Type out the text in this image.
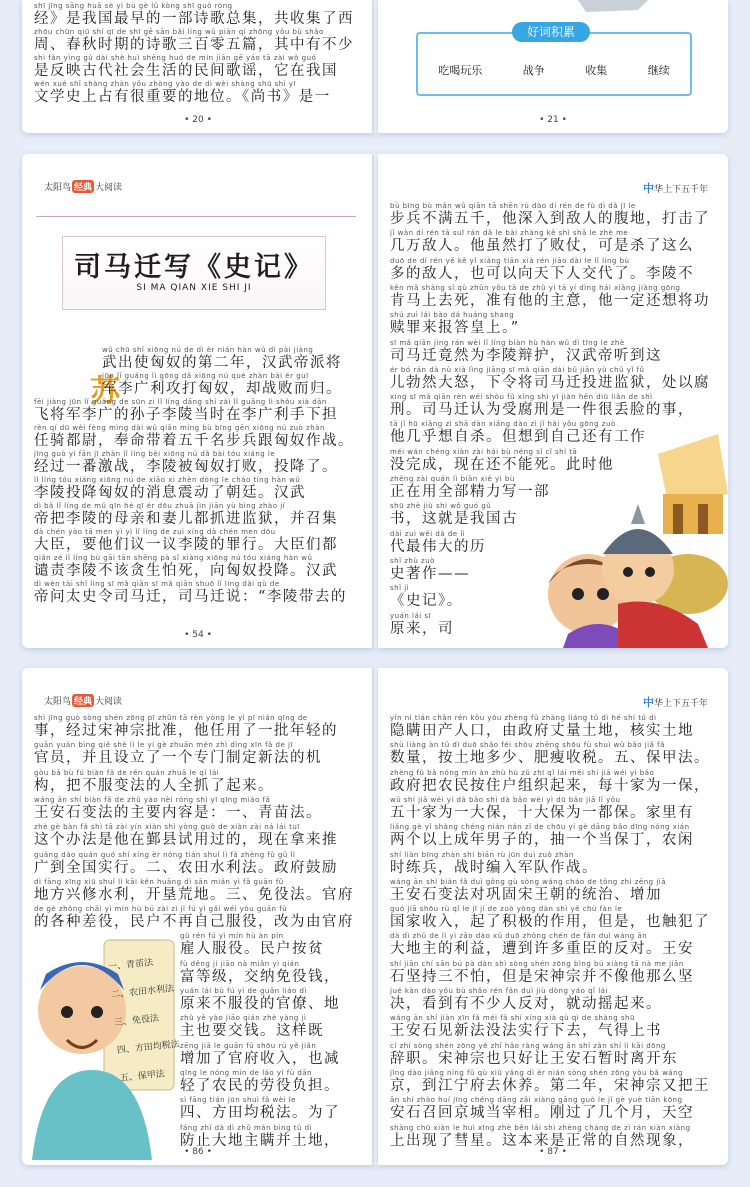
shī jīng sāng huā sè yì bù gè lǔ kòng shī guò ròng
经》是我国最早的一部诗歌总集，共收集了西
zhōu chūn qiū shí qī de shī gē sān bǎi líng wǔ piān qí zhōng yǒu bù shǎo
周、春秋时期的诗歌三百零五篇，其中有不少
shì fǎn yìng gǔ dài shè huì shēng huó de mín jiān gē yáo tā zài wǒ guó
是反映古代社会生活的民间歌谣，它在我国
wén xué shǐ shàng zhàn yǒu zhòng yào de dì wèi shàng shū shì yī
文学史上占有很重要的地位。《尚书》是一
• 20 •
好词积累
吃喝玩乐	战争	收集	继续
• 21 •
太阳鸟 经典 大阅读
司马迁写《史记》
SI MA QIAN XIE SHI JI
苏
wǔ chū shǐ xiōng nú de dì èr nián hàn wǔ dì pài jiàng
武出使匈奴的第二年，汉武帝派将
jūn lǐ guǎng lì gōng dǎ xiōng nú què zhàn bài ér guī
军李广利攻打匈奴，却战败而归。
fēi jiàng jūn lǐ guǎng de sūn zi lǐ líng dāng shí zài lǐ guǎng lì shǒu xià dān
飞将军李广的孙子李陵当时在李广利手下担
rèn qí dū wèi fèng mìng dài wǔ qiān míng bù bīng gēn xiōng nú zuò zhàn
任骑都尉，奉命带着五千名步兵跟匈奴作战。
jīng guò yì fān jī zhàn lǐ líng bèi xiōng nú dǎ bài tóu xiáng le
经过一番激战，李陵被匈奴打败，投降了。
lǐ líng tóu xiáng xiōng nú de xiāo xi zhèn dòng le cháo tíng hàn wǔ
李陵投降匈奴的消息震动了朝廷。汉武
dì bǎ lǐ líng de mǔ qīn hé qī ér dōu zhuā jìn jiān yù bìng zhào jí
帝把李陵的母亲和妻儿都抓进监狱，并召集
dà chén yào tā men yì yì lǐ líng de zuì xíng dà chén men dōu
大臣，要他们议一议李陵的罪行。大臣们都
qiǎn zé lǐ líng bù gāi tān shēng pà sǐ xiàng xiōng nú tóu xiáng hàn wǔ
谴责李陵不该贪生怕死，向匈奴投降。汉武
dì wèn tài shǐ lìng sī mǎ qiān sī mǎ qiān shuō lǐ líng dài qù de
帝问太史令司马迁，司马迁说：“李陵带去的
• 54 •
中华上下五千年
bù bīng bù mǎn wǔ qiān tā shēn rù dào dí rén de fù dì dǎ jī le
步兵不满五千，他深入到敌人的腹地，打击了
jǐ wàn dí rén tā suī rán dǎ le bài zhàng kě shì shā le zhè me
几万敌人。他虽然打了败仗，可是杀了这么
duō de dí rén yě kě yǐ xiàng tiān xià rén jiāo dài le lǐ líng bù
多的敌人，也可以向天下人交代了。李陵不
kěn mǎ shàng sǐ qù zhǔn yǒu tā de zhǔ yi tā yí dìng hái xiǎng jiàng gōng
肯马上去死，准有他的主意，他一定还想将功
shú zuì lái bào dá huáng shang
赎罪来报答皇上。”
sī mǎ qiān jìng rán wèi lǐ líng biàn hù hàn wǔ dì tīng le zhè
司马迁竟然为李陵辩护，汉武帝听到这
ér bó rán dà nù xià lìng jiāng sī mǎ qiān dài bǔ jiān yù chǔ yǐ fǔ
儿勃然大怒，下令将司马迁投进监狱，处以腐
xíng sī mǎ qiān rèn wéi shòu fǔ xíng shì yī jiàn hěn diū liǎn de shì
刑。司马迁认为受腐刑是一件很丢脸的事，
tā jǐ hū xiǎng zì shā dàn xiǎng dào zì jǐ hái yǒu gōng zuò
他几乎想自杀。但想到自己还有工作
méi wán chéng xiàn zài hái bù néng sǐ cǐ shí tā
没完成，现在还不能死。此时他
zhèng zài quán lì biān xiě yì bù
正在用全部精力写一部
shū zhè jiù shì wǒ guó gǔ
书，这就是我国古
dài zuì wěi dà de lì
代最伟大的历
shǐ zhù zuò
史著作——
shǐ jì
《史记》。
yuán lái sī
原来，司
太阳鸟 经典 大阅读
shì jīng guò sòng shén zōng pī zhǔn tā rèn yòng le yì pī nián qīng de
事，经过宋神宗批准，他任用了一批年轻的
guān yuán bìng qiě shè lì le yí gè zhuān mén zhì dìng xīn fǎ de jī
官员，并且设立了一个专门制定新法的机
gòu bǎ bù fú biàn fǎ de rén quán zhuā le qǐ lái
构，把不服变法的人全抓了起来。
wáng ān shí biàn fǎ de zhǔ yào nèi róng shì yī qīng miáo fǎ
王安石变法的主要内容是：一、青苗法。
zhè gè bàn fǎ shì tā zài yín xiàn shì yòng guò de xiàn zài ná lái tuī
这个办法是他在鄞县试用过的，现在拿来推
guǎng dào quán guó shí xíng èr nóng tián shuǐ lì fǎ zhèng fǔ gǔ lì
广到全国实行。二、农田水利法。政府鼓励
dì fāng xīng xiū shuǐ lì kāi kěn huāng dì sān miǎn yì fǎ guān fǔ
地方兴修水利，开垦荒地。三、免役法。官府
de gè zhǒng chāi yì mín hù bú zài zì jǐ fú yì gǎi wéi yóu guān fǔ
的各种差役，民户不再自己服役，改为由官府
gù rén fú yì mín hù àn pín
雇人服役。民户按贫
fù děng jí jiāo nà miǎn yì qián
富等级，交纳免役钱，
yuán lái bù fú yì de guān liáo dì
原来不服役的官僚、地
zhǔ yě yào jiāo qián zhè yàng jì
主也要交钱。这样既
zēng jiā le guān fǔ shōu rù yě jiǎn
增加了官府收入，也减
qīng le nóng mín de láo yì fù dān
轻了农民的劳役负担。
sì fāng tián jūn shuì fǎ wèi le
四、方田均税法。为了
fáng zhǐ dà dì zhǔ mán bìng tǔ dì
防止大地主瞒并土地，
一、青苗法
二、农田水利法
三、免役法
四、方田均税法
五、保甲法
• 86 •
中华上下五千年
yǐn nì tián chǎn rén kǒu yóu zhèng fǔ zhàng liáng tǔ dì hé shí tǔ dì
隐瞒田产人口，由政府丈量土地，核实土地
shù liàng àn tǔ dì duō shǎo féi shòu zhēng shōu fù shuì wǔ bǎo jiǎ fǎ
数量，按土地多少、肥瘦收税。五、保甲法。
zhèng fǔ bǎ nóng mín àn zhù hù zǔ zhī qǐ lái měi shí jiā wéi yì bǎo
政府把农民按住户组织起来，每十家为一保，
wǔ shí jiā wéi yí dà bǎo shí dà bǎo wéi yì dū bǎo jiā lǐ yǒu
五十家为一大保，十大保为一都保。家里有
liǎng gè yǐ shàng chéng nián nán zǐ de chōu yí gè dāng bǎo dīng nóng xián
两个以上成年男子的，抽一个当保丁，农闲
shí liàn bīng zhàn shí biān rù jūn duì zuò zhàn
时练兵，战时编入军队作战。
wáng ān shí biàn fǎ duì gǒng gù sòng wáng cháo de tǒng zhì zēng jiā
王安石变法对巩固宋王朝的统治、增加
guó jiā shōu rù qǐ le jī jí de zuò yòng dàn shì yě chù fàn le
国家收入，起了积极的作用，但是，也触犯了
dà dì zhǔ de lì yì zāo dào xǔ duō zhòng chén de fǎn duì wáng ān
大地主的利益，遭到许多重臣的反对。王安
shí jiān chí sān bú pà dàn shì sòng shén zōng bìng bú xiàng tā nà me jiān
石坚持三不怕，但是宋神宗并不像他那么坚
jué kàn dào yǒu bù shǎo rén fǎn duì jiù dòng yáo qǐ lái
决，看到有不少人反对，就动摇起来。
wáng ān shí jiàn xīn fǎ méi fǎ shí xíng xià qù qì de shàng shū
王安石见新法没法实行下去，气得上书
cí zhí sòng shén zōng yě zhǐ hǎo ràng wáng ān shí zàn shí lí kāi dōng
辞职。宋神宗也只好让王安石暂时离开东
jīng dào jiāng níng fǔ qù xiū yǎng dì èr nián sòng shén zōng yòu bǎ wáng
京，到江宁府去休养。第二年，宋神宗又把王
ān shí zhào huí jīng chéng dāng zǎi xiàng gāng guò le jǐ gè yuè tiān kōng
安石召回京城当宰相。刚过了几个月，天空
shàng chū xiàn le huì xīng zhè běn lái shì zhèng cháng de zì rán xiàn xiàng
上出现了彗星。这本来是正常的自然现象，
• 87 •
